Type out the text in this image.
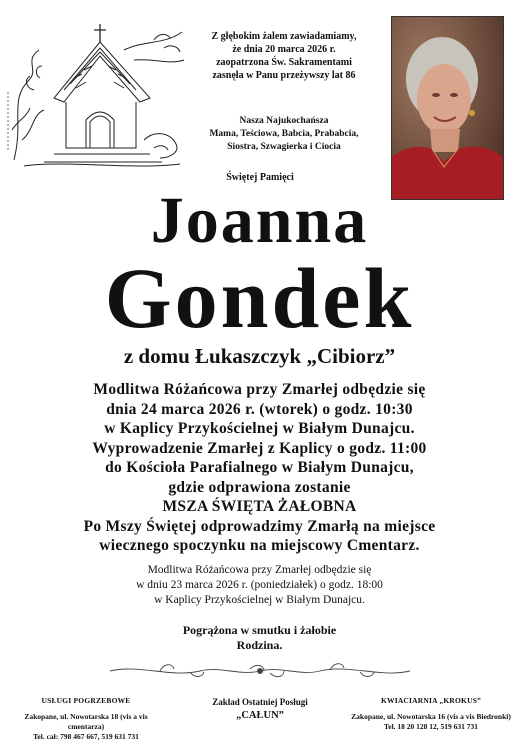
Z głębokim żalem zawiadamiamy,
że dnia 20 marca 2026 r.
zaopatrzona Św. Sakramentami
zasnęła w Panu przeżywszy lat 86
Nasza Najukochańsza
Mama, Teściowa, Babcia, Prababcia,
Siostra, Szwagierka i Ciocia
Świętej Pamięci
Joanna
Gondek
z domu Łukaszczyk „Cibiorz”
Modlitwa Różańcowa przy Zmarłej odbędzie się
dnia 24 marca 2026 r. (wtorek) o godz. 10:30
w Kaplicy Przykościelnej w Białym Dunajcu.
Wyprowadzenie Zmarłej z Kaplicy o godz. 11:00
do Kościoła Parafialnego w Białym Dunajcu,
gdzie odprawiona zostanie
MSZA ŚWIĘTA ŻAŁOBNA
Po Mszy Świętej odprowadzimy Zmarłą na miejsce
wiecznego spoczynku na miejscowy Cmentarz.
Modlitwa Różańcowa przy Zmarłej odbędzie się
w dniu 23 marca 2026 r. (poniedziałek) o godz. 18:00
w Kaplicy Przykościelnej w Białym Dunajcu.
Pogrążona w smutku i żałobie
Rodzina.
USŁUGI POGRZEBOWE
Zakopane, ul. Nowotarska 18 (vis a vis cmentarza)
Tel. cał: 798 467 667, 519 631 731
Zakład Ostatniej Posługi
„CAŁUN”
KWIACIARNIA „KROKUS”
Zakopane, ul. Nowotarska 16 (vis a vis Biedronki)
Tel. 18 20 128 12, 519 631 731
